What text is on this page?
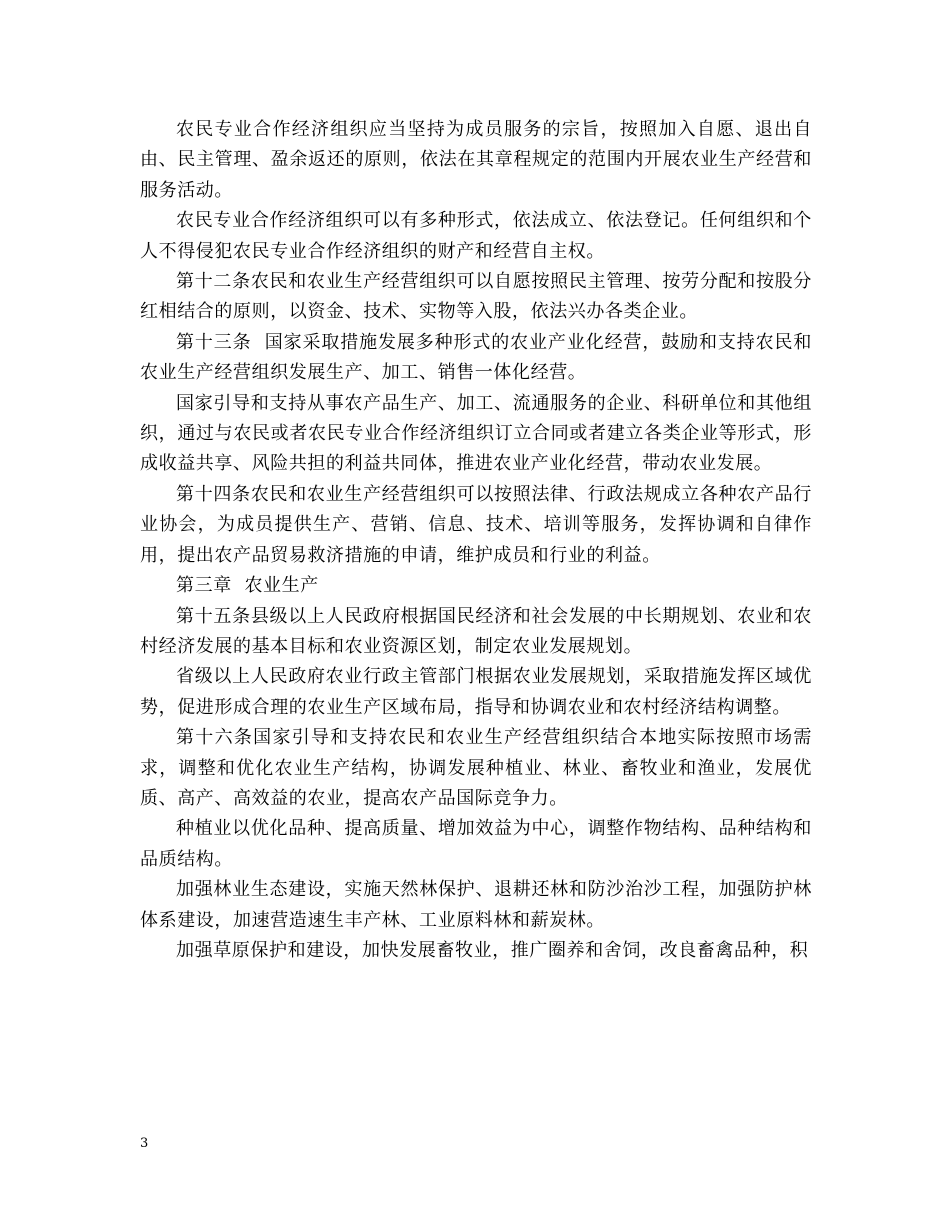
农民专业合作经济组织应当坚持为成员服务的宗旨，按照加入自愿、退出自由、民主管理、盈余返还的原则，依法在其章程规定的范围内开展农业生产经营和服务活动。

农民专业合作经济组织可以有多种形式，依法成立、依法登记。任何组织和个人不得侵犯农民专业合作经济组织的财产和经营自主权。

第十二条农民和农业生产经营组织可以自愿按照民主管理、按劳分配和按股分红相结合的原则，以资金、技术、实物等入股，依法兴办各类企业。

第十三条  国家采取措施发展多种形式的农业产业化经营，鼓励和支持农民和农业生产经营组织发展生产、加工、销售一体化经营。

国家引导和支持从事农产品生产、加工、流通服务的企业、科研单位和其他组织，通过与农民或者农民专业合作经济组织订立合同或者建立各类企业等形式，形成收益共享、风险共担的利益共同体，推进农业产业化经营，带动农业发展。

第十四条农民和农业生产经营组织可以按照法律、行政法规成立各种农产品行业协会，为成员提供生产、营销、信息、技术、培训等服务，发挥协调和自律作用，提出农产品贸易救济措施的申请，维护成员和行业的利益。

第三章  农业生产

第十五条县级以上人民政府根据国民经济和社会发展的中长期规划、农业和农村经济发展的基本目标和农业资源区划，制定农业发展规划。

省级以上人民政府农业行政主管部门根据农业发展规划，采取措施发挥区域优势，促进形成合理的农业生产区域布局，指导和协调农业和农村经济结构调整。

第十六条国家引导和支持农民和农业生产经营组织结合本地实际按照市场需求，调整和优化农业生产结构，协调发展种植业、林业、畜牧业和渔业，发展优质、高产、高效益的农业，提高农产品国际竞争力。

种植业以优化品种、提高质量、增加效益为中心，调整作物结构、品种结构和品质结构。

加强林业生态建设，实施天然林保护、退耕还林和防沙治沙工程，加强防护林体系建设，加速营造速生丰产林、工业原料林和薪炭林。

加强草原保护和建设，加快发展畜牧业，推广圈养和舍饲，改良畜禽品种，积

3
